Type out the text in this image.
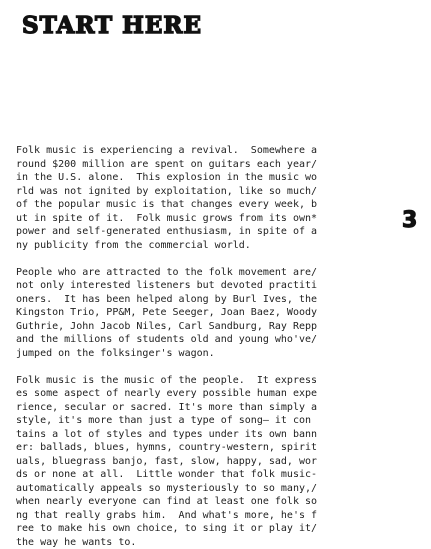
START HERE
3

Folk music is experiencing a revival.  Somewhere a
round $200 million are spent on guitars each year/
in the U.S. alone.  This explosion in the music wo
rld was not ignited by exploitation, like so much/
of the popular music is that changes every week, b
ut in spite of it.  Folk music grows from its own*
power and self-generated enthusiasm, in spite of a
ny publicity from the commercial world.

People who are attracted to the folk movement are/
not only interested listeners but devoted practiti
oners.  It has been helped along by Burl Ives, the
Kingston Trio, PP&M, Pete Seeger, Joan Baez, Woody
Guthrie, John Jacob Niles, Carl Sandburg, Ray Repp
and the millions of students old and young who've/
jumped on the folksinger's wagon.

Folk music is the music of the people.  It express
es some aspect of nearly every possible human expe
rience, secular or sacred. It's more than simply a
style, it's more than just a type of song— it con
tains a lot of styles and types under its own bann
er: ballads, blues, hymns, country-western, spirit
uals, bluegrass banjo, fast, slow, happy, sad, wor
ds or none at all.  Little wonder that folk music-
automatically appeals so mysteriously to so many,/
when nearly everyone can find at least one folk so
ng that really grabs him.  And what's more, he's f
ree to make his own choice, to sing it or play it/
the way he wants to.
